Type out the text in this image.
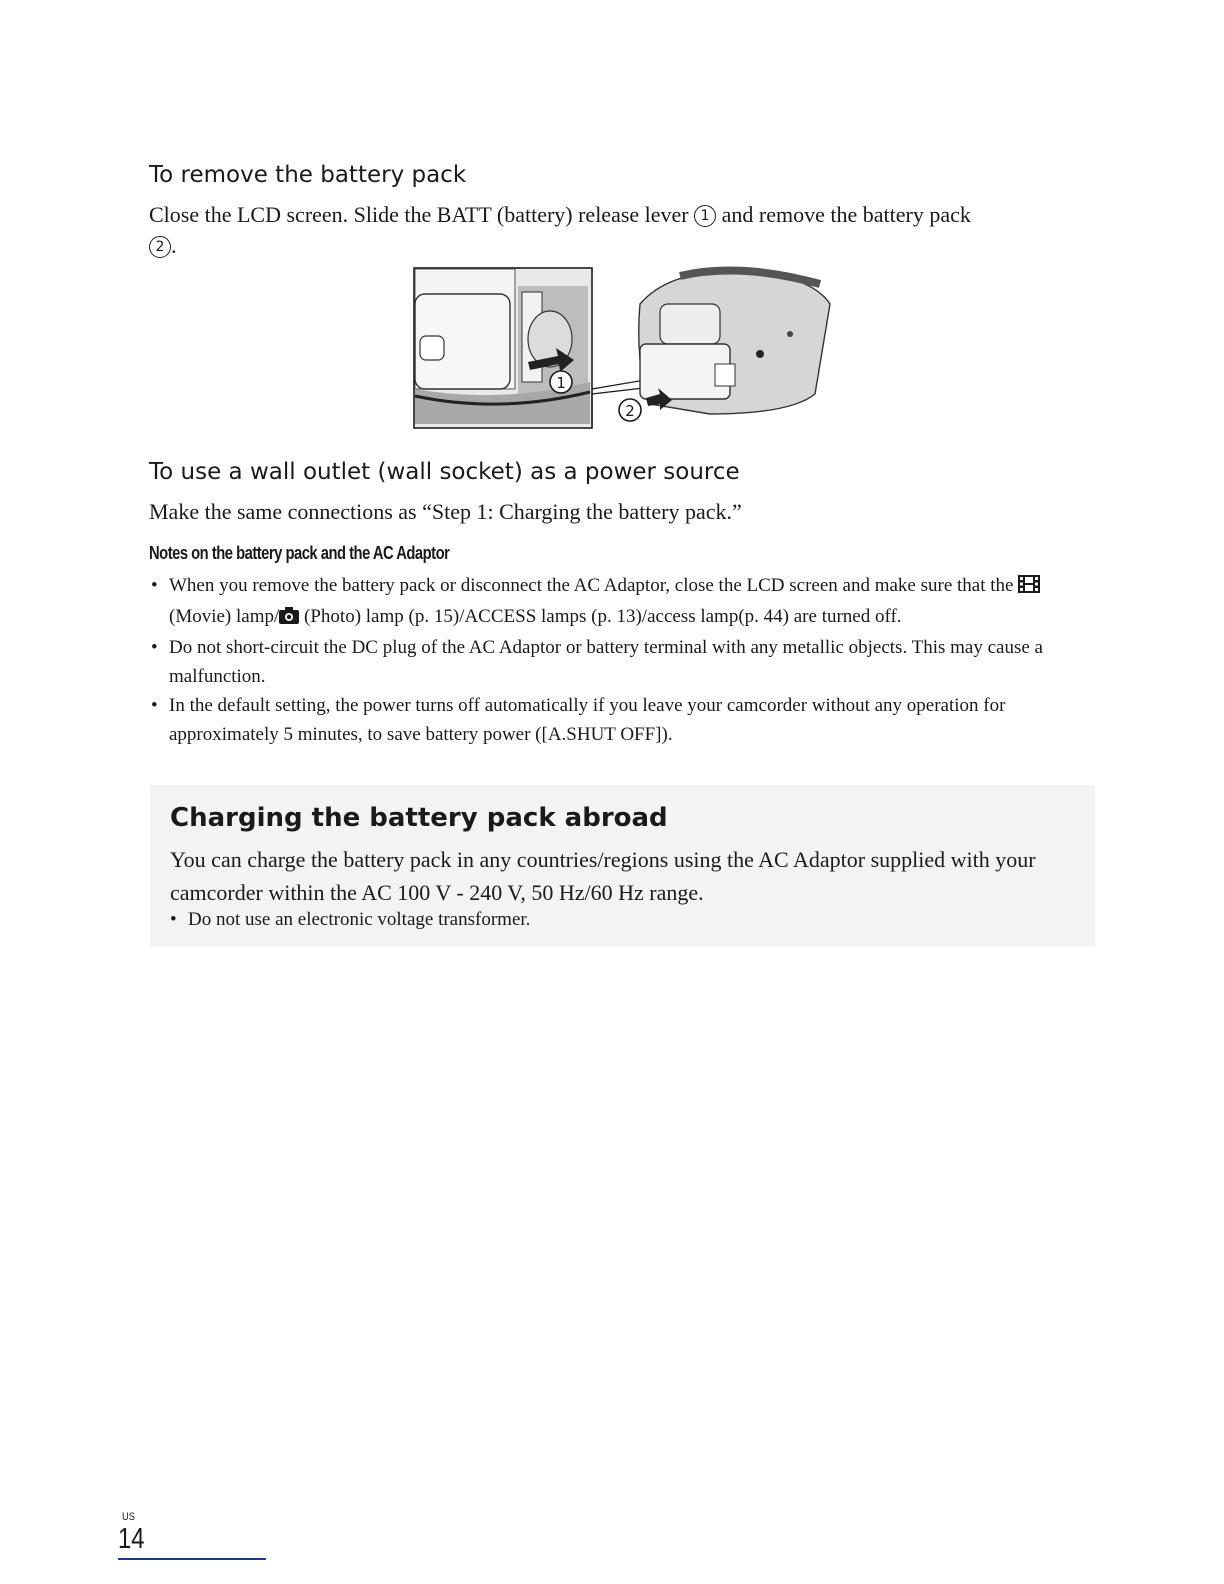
To remove the battery pack

Close the LCD screen. Slide the BATT (battery) release lever 1 and remove the battery pack
2 .

1
2
To use a wall outlet (wall socket) as a power source

Make the same connections as “Step 1: Charging the battery pack.”

Notes on the battery pack and the AC Adaptor

• When you remove the battery pack or disconnect the AC Adaptor, close the LCD screen and make sure that the  (Movie) lamp/ (Photo) lamp (p. 15)/ACCESS lamps (p. 13)/access lamp(p. 44) are turned off.
• Do not short-circuit the DC plug of the AC Adaptor or battery terminal with any metallic objects. This may cause a malfunction.
• In the default setting, the power turns off automatically if you leave your camcorder without any operation for approximately 5 minutes, to save battery power ([A.SHUT OFF]).
Charging the battery pack abroad

You can charge the battery pack in any countries/regions using the AC Adaptor supplied with your camcorder within the AC 100 V - 240 V, 50 Hz/60 Hz range.

• Do not use an electronic voltage transformer.

US
14
